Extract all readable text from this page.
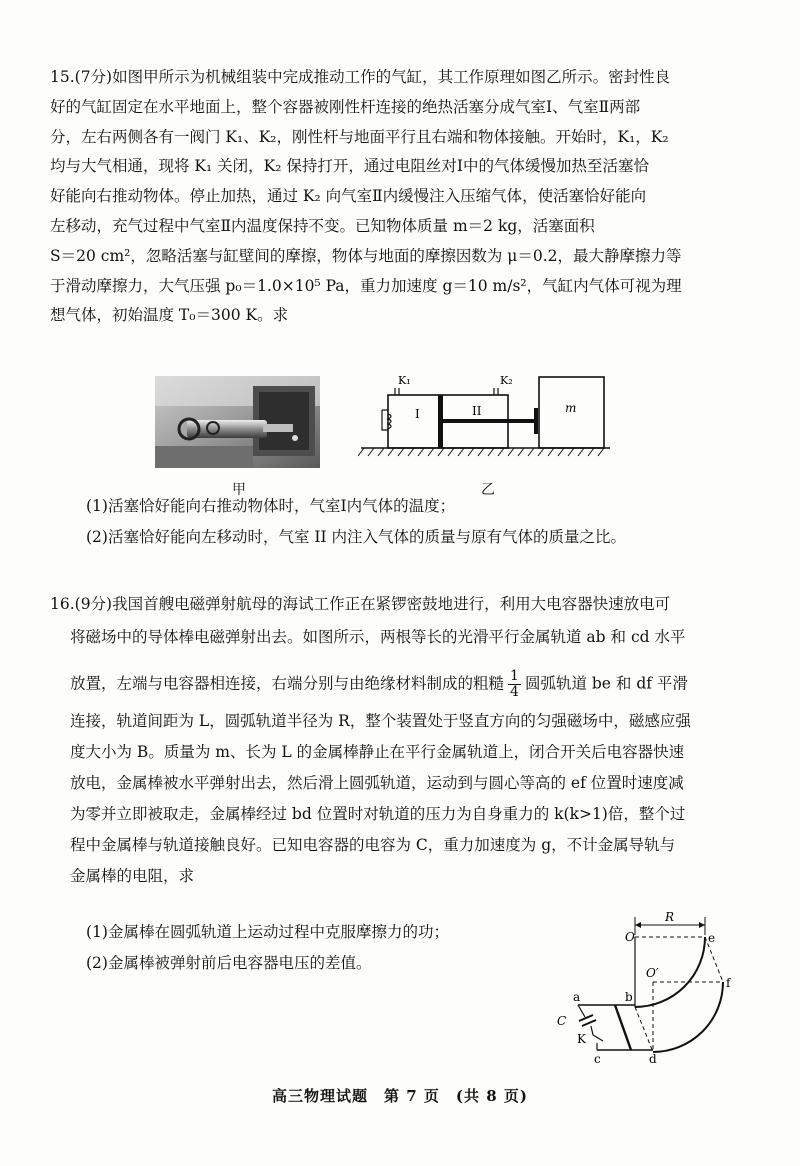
15.(7分)如图甲所示为机械组装中完成推动工作的气缸，其工作原理如图乙所示。密封性良
好的气缸固定在水平地面上，整个容器被刚性杆连接的绝热活塞分成气室Ⅰ、气室Ⅱ两部
分，左右两侧各有一阀门 K₁、K₂，刚性杆与地面平行且右端和物体接触。开始时，K₁，K₂
均与大气相通，现将 K₁ 关闭，K₂ 保持打开，通过电阻丝对Ⅰ中的气体缓慢加热至活塞恰
好能向右推动物体。停止加热，通过 K₂ 向气室Ⅱ内缓慢注入压缩气体，使活塞恰好能向
左移动，充气过程中气室Ⅱ内温度保持不变。已知物体质量 m＝2 kg，活塞面积
S＝20 cm²，忽略活塞与缸壁间的摩擦，物体与地面的摩擦因数为 μ＝0.2，最大静摩擦力等
于滑动摩擦力，大气压强 p₀＝1.0×10⁵ Pa，重力加速度 g＝10 m/s²，气缸内气体可视为理
想气体，初始温度 T₀＝300 K。求
甲
K₁	K₂
I	II	m
乙
(1)活塞恰好能向右推动物体时，气室Ⅰ内气体的温度；
(2)活塞恰好能向左移动时，气室 II 内注入气体的质量与原有气体的质量之比。
16.(9分)我国首艘电磁弹射航母的海试工作正在紧锣密鼓地进行，利用大电容器快速放电可
将磁场中的导体棒电磁弹射出去。如图所示，两根等长的光滑平行金属轨道 ab 和 cd 水平
放置，左端与电容器相连接，右端分别与由绝缘材料制成的粗糙 $\frac{1}{4}$ 圆弧轨道 be 和 df 平滑
连接，轨道间距为 L，圆弧轨道半径为 R，整个装置处于竖直方向的匀强磁场中，磁感应强
度大小为 B。质量为 m、长为 L 的金属棒静止在平行金属轨道上，闭合开关后电容器快速
放电，金属棒被水平弹射出去，然后滑上圆弧轨道，运动到与圆心等高的 ef 位置时速度减
为零并立即被取走，金属棒经过 bd 位置时对轨道的压力为自身重力的 k(k>1)倍，整个过
程中金属棒与轨道接触良好。已知电容器的电容为 C，重力加速度为 g，不计金属导轨与
金属棒的电阻，求
(1)金属棒在圆弧轨道上运动过程中克服摩擦力的功；
(2)金属棒被弹射前后电容器电压的差值。
R
O
O′
e
f
a	b
c	d
C
K
高三物理试题　第 7 页　(共 8 页)
